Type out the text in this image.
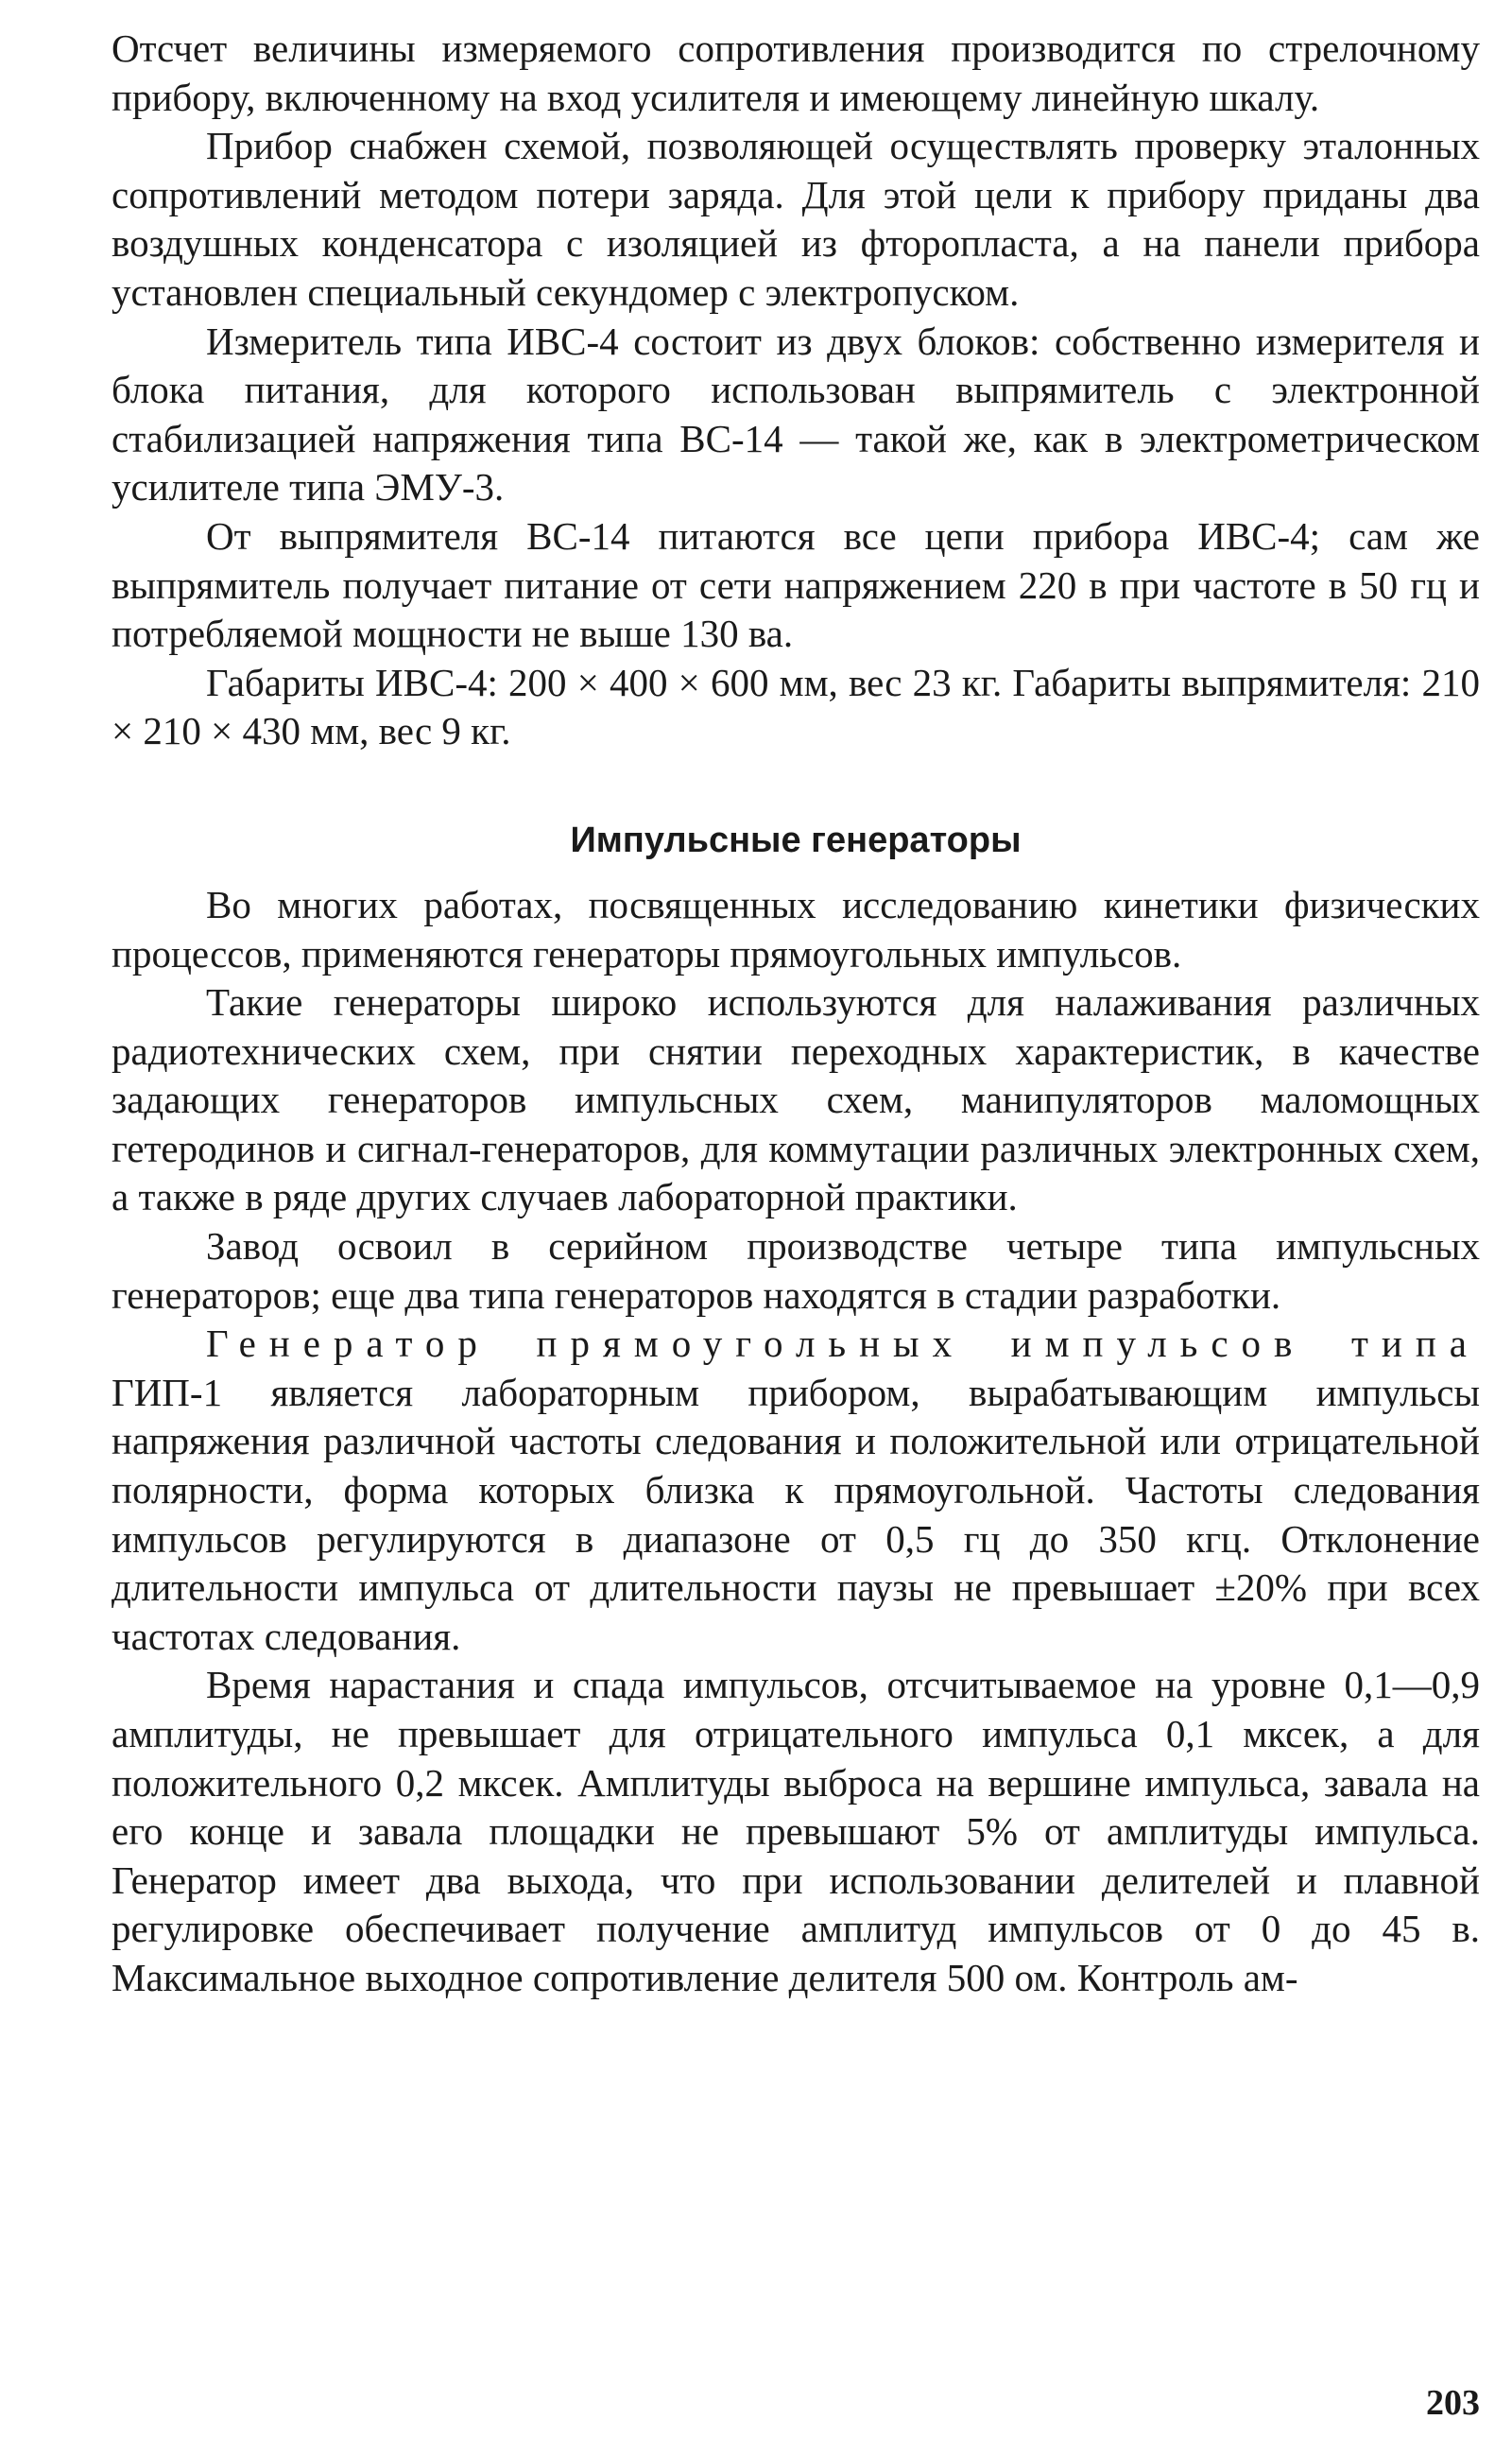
Отсчет величины измеряемого сопротивления производится по стрелочному прибору, включенному на вход усилителя и имеющему линейную шкалу.

Прибор снабжен схемой, позволяющей осуществлять проверку эталонных сопротивлений методом потери заряда. Для этой цели к прибору приданы два воздушных конденсатора с изоляцией из фторопласта, а на панели прибора установлен специальный секундомер с электропуском.

Измеритель типа ИВС-4 состоит из двух блоков: собственно измерителя и блока питания, для которого использован выпрямитель с электронной стабилизацией напряжения типа ВС-14 — такой же, как в электрометрическом усилителе типа ЭМУ-3.

От выпрямителя ВС-14 питаются все цепи прибора ИВС-4; сам же выпрямитель получает питание от сети напряжением 220 в при частоте в 50 гц и потребляемой мощности не выше 130 ва.

Габариты ИВС-4: 200 × 400 × 600 мм, вес 23 кг. Габариты выпрямителя: 210 × 210 × 430 мм, вес 9 кг.

Импульсные генераторы

Во многих работах, посвященных исследованию кинетики физических процессов, применяются генераторы прямоугольных импульсов.

Такие генераторы широко используются для налаживания различных радиотехнических схем, при снятии переходных характеристик, в качестве задающих генераторов импульсных схем, манипуляторов маломощных гетеродинов и сигнал-генераторов, для коммутации различных электронных схем, а также в ряде других случаев лабораторной практики.

Завод освоил в серийном производстве четыре типа импульсных генераторов; еще два типа генераторов находятся в стадии разработки.

Генератор прямоугольных импульсов типа ГИП-1 является лабораторным прибором, вырабатывающим импульсы напряжения различной частоты следования и положительной или отрицательной полярности, форма которых близка к прямоугольной. Частоты следования импульсов регулируются в диапазоне от 0,5 гц до 350 кгц. Отклонение длительности импульса от длительности паузы не превышает ±20% при всех частотах следования.

Время нарастания и спада импульсов, отсчитываемое на уровне 0,1—0,9 амплитуды, не превышает для отрицательного импульса 0,1 мксек, а для положительного 0,2 мксек. Амплитуды выброса на вершине импульса, завала на его конце и завала площадки не превышают 5% от амплитуды импульса. Генератор имеет два выхода, что при использовании делителей и плавной регулировке обеспечивает получение амплитуд импульсов от 0 до 45 в. Максимальное выходное сопротивление делителя 500 ом. Контроль ам-

203
